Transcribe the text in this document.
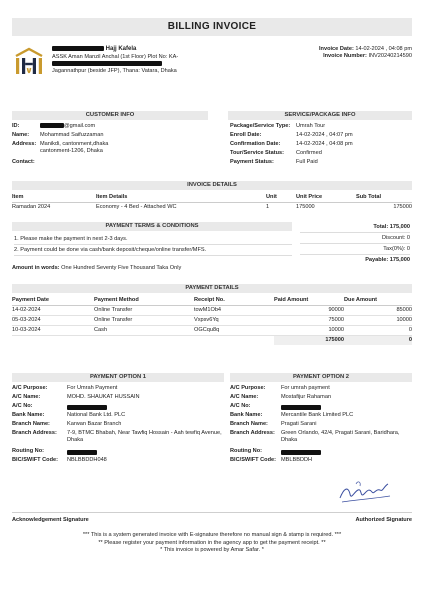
BILLING INVOICE
Hajj Kafela
ASSK Aman Manzil Anchal (1st Floor) Plot No: KA-
Jagannathpur (beside JFP), Thana: Vatara, Dhaka
Invoice Date: 14-02-2024 , 04:08 pm
Invoice Number: INV20240214590
CUSTOMER INFO	SERVICE/PACKAGE INFO
ID:	@gmail.com
Name:	Mohammad Saifuzzaman
Address: Manikdi, cantonment,dhaka
cantonment-1206, Dhaka
Contact:
Package/Service Type:	Umrah Tour
Enroll Date:	14-02-2024 , 04:07 pm
Confirmation Date:	14-02-2024 , 04:08 pm
Tour/Service Status:	Confirmed
Payment Status:	Full Paid
INVOICE DETAILS
Item	Item Details	Unit	Unit Price	Sub Total
Ramadan 2024	Economy - 4 Bed - Attached WC	1	175000	175000
PAYMENT TERMS & CONDITIONS
1. Please make the payment in next 2-3 days.
2. Payment could be done via cash/bank deposit/cheque/online transfer/MFS.
Total: 175,000
Discount: 0
Tax(0%): 0
Payable: 175,000
Amount in words: One Hundred Seventy Five Thousand Taka Only
PAYMENT DETAILS
Payment Date	Payment Method	Receipt No.	Paid Amount	Due Amount
14-02-2024	Online Transfer	towM1Ob4	90000	85000
05-03-2024	Online Transfer	Vxpsv6Yq	75000	10000
10-03-2024	Cash	OGCqu8q	10000	0
			175000	0
PAYMENT OPTION 1	PAYMENT OPTION 2
A/C Purpose:	For Umrah Payment
A/C Name:	MOHD. SHAUKAT HUSSAIN
A/C No:
Bank Name:	National Bank Ltd. PLC
Branch Name:	Karwan Bazar Branch
Branch Address:	7-9, BTMC Bhabah, Near Tawfiq Hossain - Aah tewfiq Avenue, Dhaka
Routing No:
BIC/SWIFT Code:	NBLBBDDH048
A/C Purpose:	For umrah payment
A/C Name:	Mostafijur Rahaman
A/C No:
Bank Name:	Mercantile Bank Limited PLC
Branch Name:	Pragati Sarani
Branch Address:	Green Orlando, 42/4, Pragati Sarani, Baridhara, Dhaka
Routing No:
BIC/SWIFT Code: MBLBBDDH
Acknowledgement Signature	Authorized Signature
*** This is a system generated invoice with E-signature therefore no manual sign & stamp is required. ***
** Please register your payment information in the agency app to get the payment receipt. **
* This invoice is powered by Amar Safar. *
